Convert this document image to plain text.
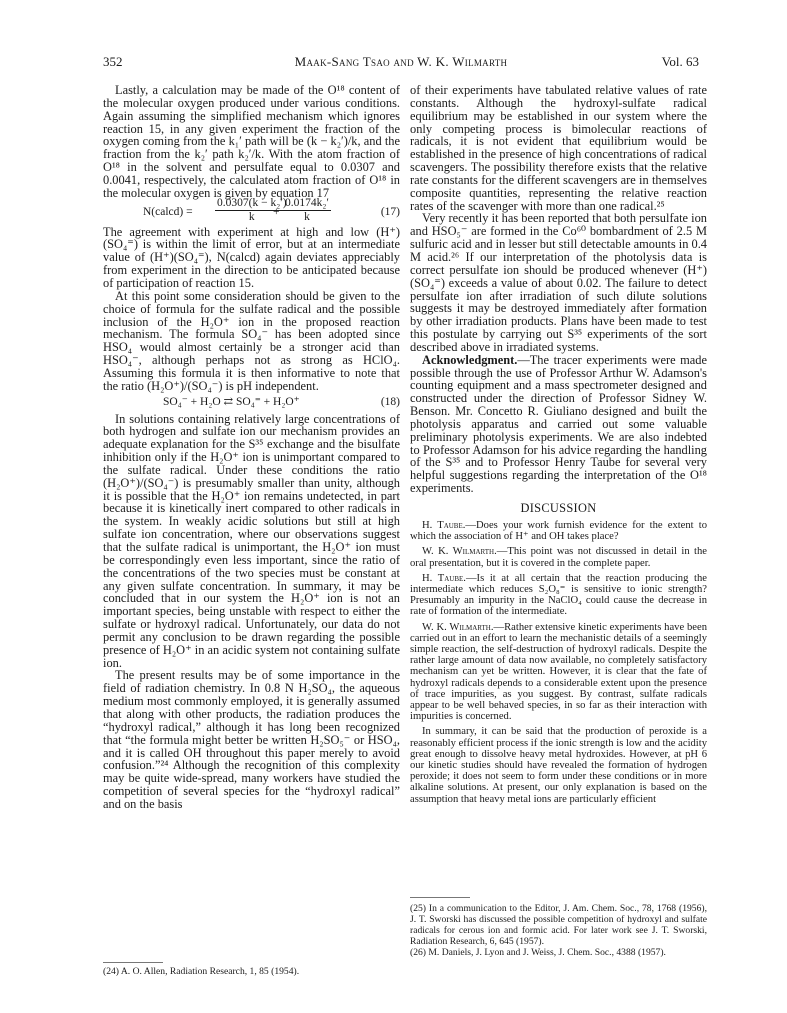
352	Maak-Sang Tsao and W. K. Wilmarth	Vol. 63

Lastly, a calculation may be made of the O¹⁸ content of the molecular oxygen produced under various conditions. Again assuming the simplified mechanism which ignores reaction 15, in any given experiment the fraction of the oxygen coming from the k₁′ path will be (k − k₂′)/k, and the fraction from the k₂′ path k₂′/k. With the atom fraction of O¹⁸ in the solvent and persulfate equal to 0.0307 and 0.0041, respectively, the calculated atom fraction of O¹⁸ in the molecular oxygen is given by equation 17

N(calcd) = $\frac{\text{0.0307(k − k₂′)}}{k}$
+ $\frac{\text{0.0174k₂′}}{k}$	(17)

The agreement with experiment at high and low (H⁺)(SO₄⁼) is within the limit of error, but at an intermediate value of (H⁺)(SO₄⁼), N(calcd) again deviates appreciably from experiment in the direction to be anticipated because of participation of reaction 15.

At this point some consideration should be given to the choice of formula for the sulfate radical and the possible inclusion of the H₂O⁺ ion in the proposed reaction mechanism. The formula SO₄⁻ has been adopted since HSO₄ would almost certainly be a stronger acid than HSO₄⁻, although perhaps not as strong as HClO₄. Assuming this formula it is then informative to note that the ratio (H₂O⁺)/(SO₄⁻) is pH independent.

SO₄⁻ + H₂O ⇄ SO₄⁼ + H₂O⁺	(18)

In solutions containing relatively large concentrations of both hydrogen and sulfate ion our mechanism provides an adequate explanation for the S³⁵ exchange and the bisulfate inhibition only if the H₂O⁺ ion is unimportant compared to the sulfate radical. Under these conditions the ratio (H₂O⁺)/(SO₄⁻) is presumably smaller than unity, although it is possible that the H₂O⁺ ion remains undetected, in part because it is kinetically inert compared to other radicals in the system. In weakly acidic solutions but still at high sulfate ion concentration, where our observations suggest that the sulfate radical is unimportant, the H₂O⁺ ion must be correspondingly even less important, since the ratio of the concentrations of the two species must be constant at any given sulfate concentration. In summary, it may be concluded that in our system the H₂O⁺ ion is not an important species, being unstable with respect to either the sulfate or hydroxyl radical. Unfortunately, our data do not permit any conclusion to be drawn regarding the possible presence of H₂O⁺ in an acidic system not containing sulfate ion.

The present results may be of some importance in the field of radiation chemistry. In 0.8 N H₂SO₄, the aqueous medium most commonly employed, it is generally assumed that along with other products, the radiation produces the “hydroxyl radical,” although it has long been recognized that “the formula might better be written H₂SO₅⁻ or HSO₄, and it is called OH throughout this paper merely to avoid confusion.”²⁴ Although the recognition of this complexity may be quite wide-spread, many workers have studied the competition of several species for the “hydroxyl radical” and on the basis

(24) A. O. Allen, Radiation Research, 1, 85 (1954).

of their experiments have tabulated relative values of rate constants. Although the hydroxyl-sulfate radical equilibrium may be established in our system where the only competing process is bimolecular reactions of radicals, it is not evident that equilibrium would be established in the presence of high concentrations of radical scavengers. The possibility therefore exists that the relative rate constants for the different scavengers are in themselves composite quantities, representing the relative reaction rates of the scavenger with more than one radical.²⁵

Very recently it has been reported that both persulfate ion and HSO₅⁻ are formed in the Co⁶⁰ bombardment of 2.5 M sulfuric acid and in lesser but still detectable amounts in 0.4 M acid.²⁶ If our interpretation of the photolysis data is correct persulfate ion should be produced whenever (H⁺)(SO₄⁼) exceeds a value of about 0.02. The failure to detect persulfate ion after irradiation of such dilute solutions suggests it may be destroyed immediately after formation by other irradiation products. Plans have been made to test this postulate by carrying out S³⁵ experiments of the sort described above in irradiated systems.

Acknowledgment.—The tracer experiments were made possible through the use of Professor Arthur W. Adamson's counting equipment and a mass spectrometer designed and constructed under the direction of Professor Sidney W. Benson. Mr. Concetto R. Giuliano designed and built the photolysis apparatus and carried out some valuable preliminary photolysis experiments. We are also indebted to Professor Adamson for his advice regarding the handling of the S³⁵ and to Professor Henry Taube for several very helpful suggestions regarding the interpretation of the O¹⁸ experiments.

DISCUSSION

H. Taube.—Does your work furnish evidence for the extent to which the association of H⁺ and OH takes place?

W. K. Wilmarth.—This point was not discussed in detail in the oral presentation, but it is covered in the complete paper.

H. Taube.—Is it at all certain that the reaction producing the intermediate which reduces S₂O₈⁼ is sensitive to ionic strength? Presumably an impurity in the NaClO₄ could cause the decrease in rate of formation of the intermediate.

W. K. Wilmarth.—Rather extensive kinetic experiments have been carried out in an effort to learn the mechanistic details of a seemingly simple reaction, the self-destruction of hydroxyl radicals. Despite the rather large amount of data now available, no completely satisfactory mechanism can yet be written. However, it is clear that the fate of hydroxyl radicals depends to a considerable extent upon the presence of trace impurities, as you suggest. By contrast, sulfate radicals appear to be well behaved species, in so far as their interaction with impurities is concerned.

In summary, it can be said that the production of peroxide is a reasonably efficient process if the ionic strength is low and the acidity great enough to dissolve heavy metal hydroxides. However, at pH 6 our kinetic studies should have revealed the formation of hydrogen peroxide; it does not seem to form under these conditions or in more alkaline solutions. At present, our only explanation is based on the assumption that heavy metal ions are particularly efficient

(25) In a communication to the Editor, J. Am. Chem. Soc., 78, 1768 (1956), J. T. Sworski has discussed the possible competition of hydroxyl and sulfate radicals for cerous ion and formic acid. For later work see J. T. Sworski, Radiation Research, 6, 645 (1957).
(26) M. Daniels, J. Lyon and J. Weiss, J. Chem. Soc., 4388 (1957).
